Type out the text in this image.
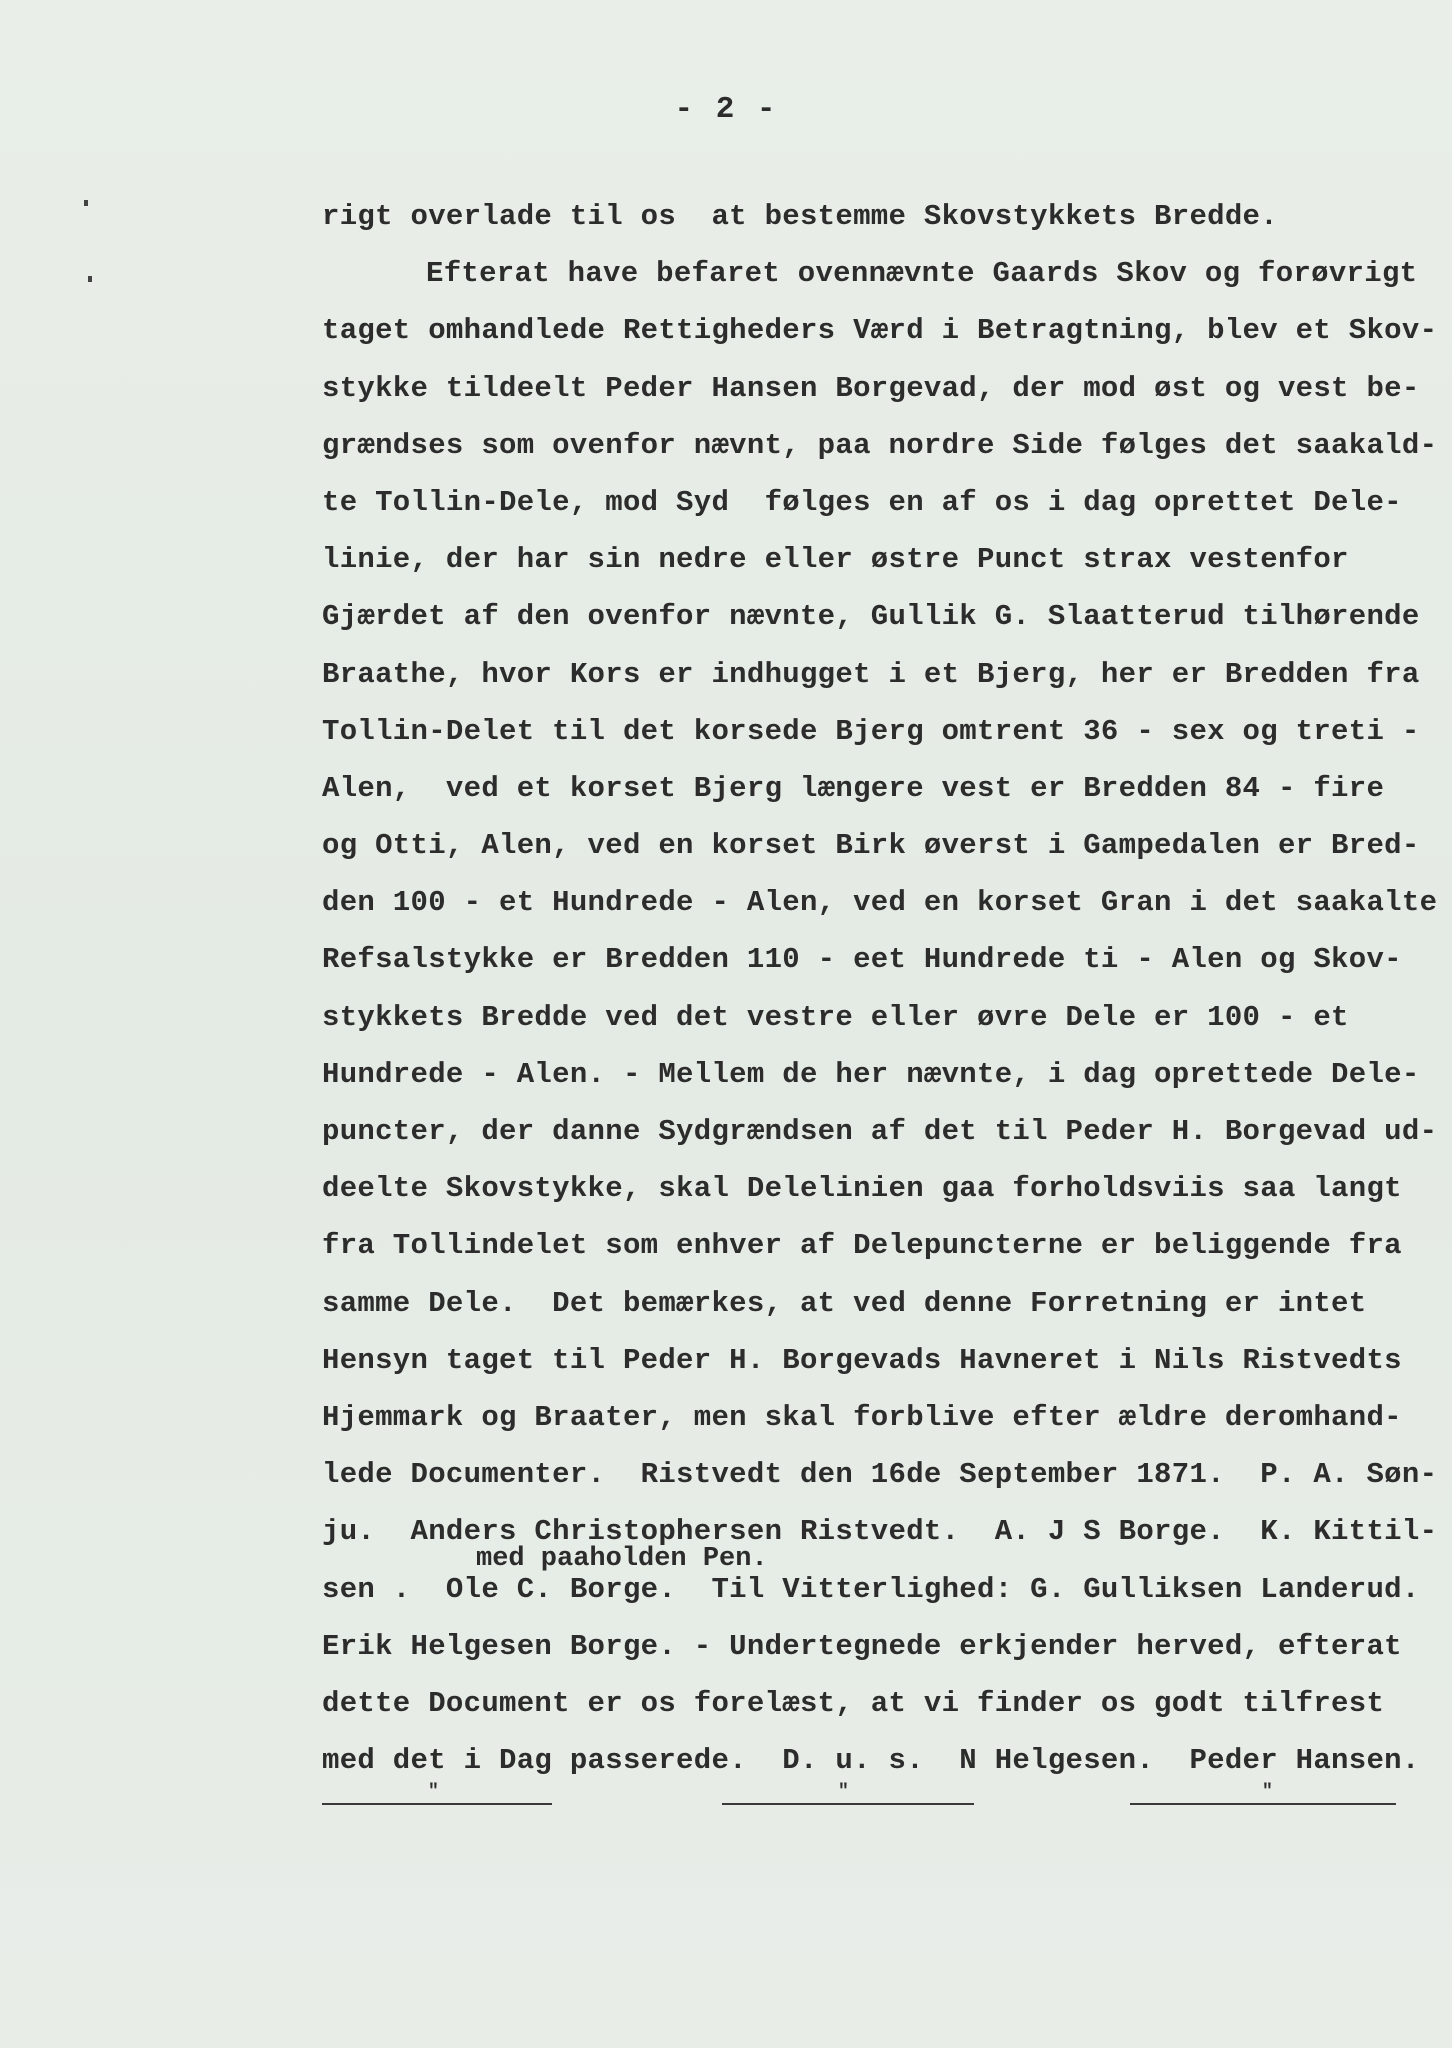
- 2 -
rigt overlade til os  at bestemme Skovstykkets Bredde.
Efterat have befaret ovennævnte Gaards Skov og forøvrigt
taget omhandlede Rettigheders Værd i Betragtning, blev et Skov-
stykke tildeelt Peder Hansen Borgevad, der mod øst og vest be-
grændses som ovenfor nævnt, paa nordre Side følges det saakald-
te Tollin-Dele, mod Syd  følges en af os i dag oprettet Dele-
linie, der har sin nedre eller østre Punct strax vestenfor
Gjærdet af den ovenfor nævnte, Gullik G. Slaatterud tilhørende
Braathe, hvor Kors er indhugget i et Bjerg, her er Bredden fra
Tollin-Delet til det korsede Bjerg omtrent 36 - sex og treti -
Alen,  ved et korset Bjerg længere vest er Bredden 84 - fire
og Otti, Alen, ved en korset Birk øverst i Gampedalen er Bred-
den 100 - et Hundrede - Alen, ved en korset Gran i det saakalte
Refsalstykke er Bredden 110 - eet Hundrede ti - Alen og Skov-
stykkets Bredde ved det vestre eller øvre Dele er 100 - et
Hundrede - Alen. - Mellem de her nævnte, i dag oprettede Dele-
puncter, der danne Sydgrændsen af det til Peder H. Borgevad ud-
deelte Skovstykke, skal Delelinien gaa forholdsviis saa langt
fra Tollindelet som enhver af Delepuncterne er beliggende fra
samme Dele.  Det bemærkes, at ved denne Forretning er intet
Hensyn taget til Peder H. Borgevads Havneret i Nils Ristvedts
Hjemmark og Braater, men skal forblive efter ældre deromhand-
lede Documenter.  Ristvedt den 16de September 1871.  P. A. Søn-
ju.  Anders Christophersen Ristvedt.  A. J S Borge.  K. Kittil-
sen .  Ole C. Borge.  Til Vitterlighed: G. Gulliksen Landerud.
Erik Helgesen Borge. - Undertegnede erkjender herved, efterat
dette Document er os forelæst, at vi finder os godt tilfrest
med det i Dag passerede.  D. u. s.  N Helgesen.  Peder Hansen.
med paaholden Pen.
"	"	"
